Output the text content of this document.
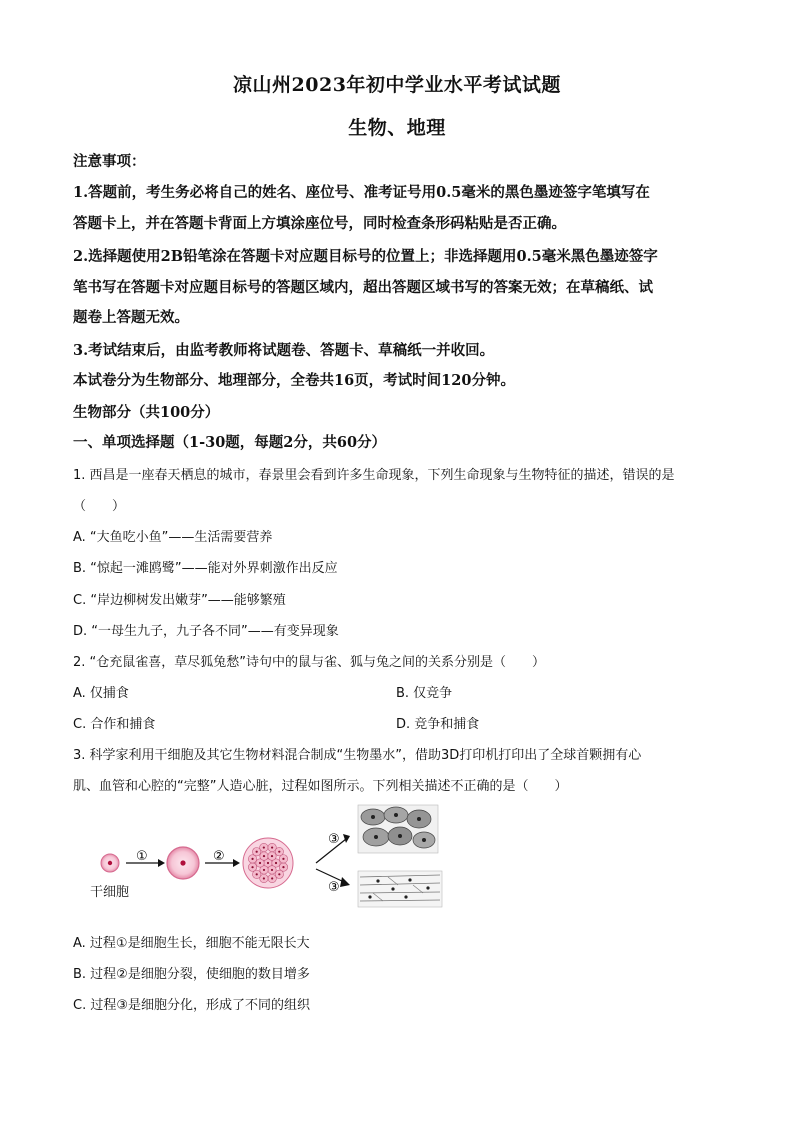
凉山州2023年初中学业水平考试试题
生物、地理
注意事项：
1.答题前，考生务必将自己的姓名、座位号、准考证号用0.5毫米的黑色墨迹签字笔填写在
答题卡上，并在答题卡背面上方填涂座位号，同时检查条形码粘贴是否正确。
2.选择题使用2B铅笔涂在答题卡对应题目标号的位置上；非选择题用0.5毫米黑色墨迹签字
笔书写在答题卡对应题目标号的答题区域内，超出答题区域书写的答案无效；在草稿纸、试
题卷上答题无效。
3.考试结束后，由监考教师将试题卷、答题卡、草稿纸一并收回。
本试卷分为生物部分、地理部分，全卷共16页，考试时间120分钟。
生物部分（共100分）
一、单项选择题（1-30题，每题2分，共60分）
1. 西昌是一座春天栖息的城市，春景里会看到许多生命现象，下列生命现象与生物特征的描述，错误的是
（　　）
A. “大鱼吃小鱼”——生活需要营养
B. “惊起一滩鸥鹭”——能对外界刺激作出反应
C. “岸边柳树发出嫩芽”——能够繁殖
D. “一母生九子，九子各不同”——有变异现象
2. “仓充鼠雀喜，草尽狐兔愁”诗句中的鼠与雀、狐与兔之间的关系分别是（　　）
A. 仅捕食	B. 仅竞争
C. 合作和捕食	D. 竞争和捕食
3. 科学家利用干细胞及其它生物材料混合制成“生物墨水”，借助3D打印机打印出了全球首颗拥有心
肌、血管和心腔的“完整”人造心脏，过程如图所示。下列相关描述不正确的是（　　）
干细胞
①	②
③
③
A. 过程①是细胞生长，细胞不能无限长大
B. 过程②是细胞分裂，使细胞的数目增多
C. 过程③是细胞分化，形成了不同的组织
